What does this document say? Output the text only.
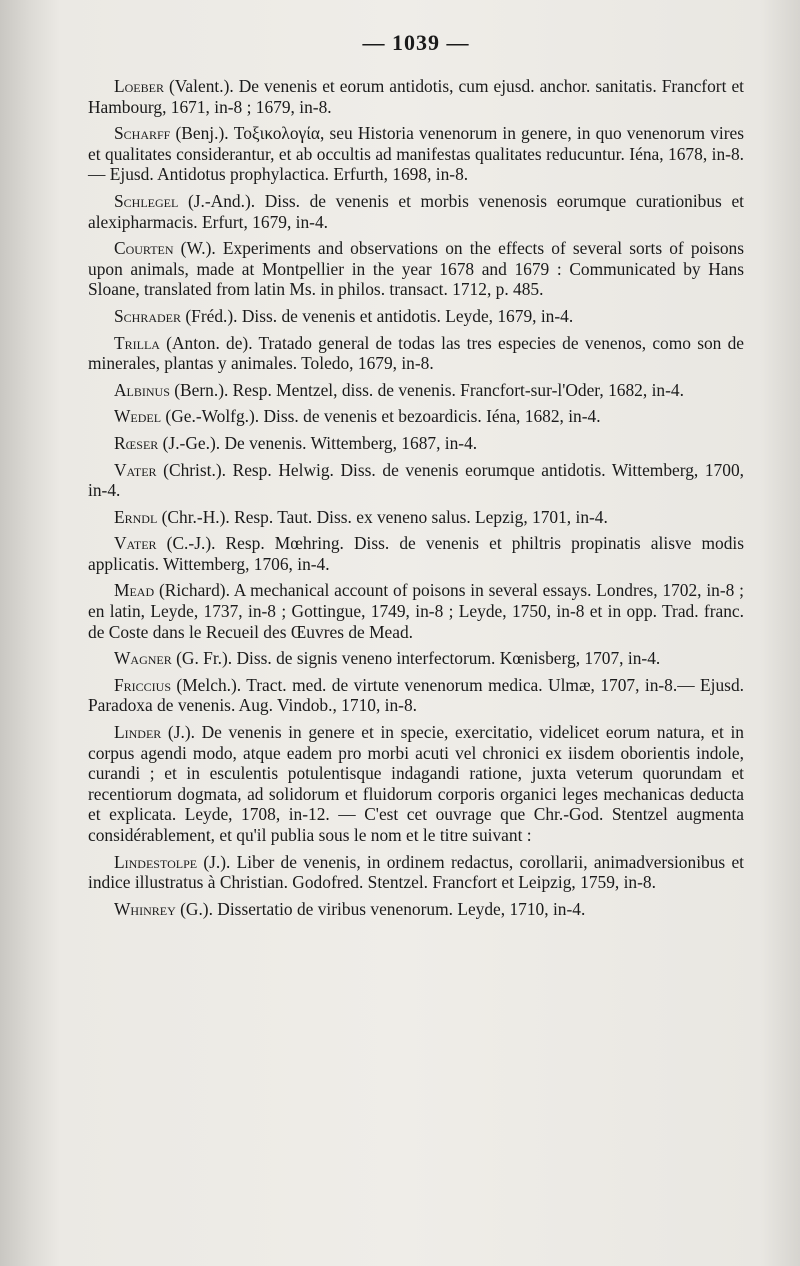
— 1039 —

Loeber (Valent.). De venenis et eorum antidotis, cum ejusd. anchor. sanitatis. Francfort et Hambourg, 1671, in-8 ; 1679, in-8.

Scharff (Benj.). Τοξικολογία, seu Historia venenorum in genere, in quo venenorum vires et qualitates considerantur, et ab occultis ad manifestas qualitates reducuntur. Iéna, 1678, in-8.— Ejusd. Antidotus prophylactica. Erfurth, 1698, in-8.

Schlegel (J.-And.). Diss. de venenis et morbis venenosis eorumque curationibus et alexipharmacis. Erfurt, 1679, in-4.

Courten (W.). Experiments and observations on the effects of several sorts of poisons upon animals, made at Montpellier in the year 1678 and 1679 : Communicated by Hans Sloane, translated from latin Ms. in philos. transact. 1712, p. 485.

Schrader (Fréd.). Diss. de venenis et antidotis. Leyde, 1679, in-4.

Trilla (Anton. de). Tratado general de todas las tres especies de venenos, como son de minerales, plantas y animales. Toledo, 1679, in-8.

Albinus (Bern.). Resp. Mentzel, diss. de venenis. Francfort-sur-l'Oder, 1682, in-4.

Wedel (Ge.-Wolfg.). Diss. de venenis et bezoardicis. Iéna, 1682, in-4.

Rœser (J.-Ge.). De venenis. Wittemberg, 1687, in-4.

Vater (Christ.). Resp. Helwig. Diss. de venenis eorumque antidotis. Wittemberg, 1700, in-4.

Erndl (Chr.-H.). Resp. Taut. Diss. ex veneno salus. Lepzig, 1701, in-4.

Vater (C.-J.). Resp. Mœhring. Diss. de venenis et philtris propinatis alisve modis applicatis. Wittemberg, 1706, in-4.

Mead (Richard). A mechanical account of poisons in several essays. Londres, 1702, in-8 ; en latin, Leyde, 1737, in-8 ; Gottingue, 1749, in-8 ; Leyde, 1750, in-8 et in opp. Trad. franc. de Coste dans le Recueil des Œuvres de Mead.

Wagner (G. Fr.). Diss. de signis veneno interfectorum. Kœnisberg, 1707, in-4.

Friccius (Melch.). Tract. med. de virtute venenorum medica. Ulmæ, 1707, in-8.— Ejusd. Paradoxa de venenis. Aug. Vindob., 1710, in-8.

Linder (J.). De venenis in genere et in specie, exercitatio, videlicet eorum natura, et in corpus agendi modo, atque eadem pro morbi acuti vel chronici ex iisdem oborientis indole, curandi ; et in esculentis potulentisque indagandi ratione, juxta veterum quorundam et recentiorum dogmata, ad solidorum et fluidorum corporis organici leges mechanicas deducta et explicata. Leyde, 1708, in-12. — C'est cet ouvrage que Chr.-God. Stentzel augmenta considérablement, et qu'il publia sous le nom et le titre suivant :

Lindestolpe (J.). Liber de venenis, in ordinem redactus, corollarii, animadversionibus et indice illustratus à Christian. Godofred. Stentzel. Francfort et Leipzig, 1759, in-8.

Whinrey (G.). Dissertatio de viribus venenorum. Leyde, 1710, in-4.
